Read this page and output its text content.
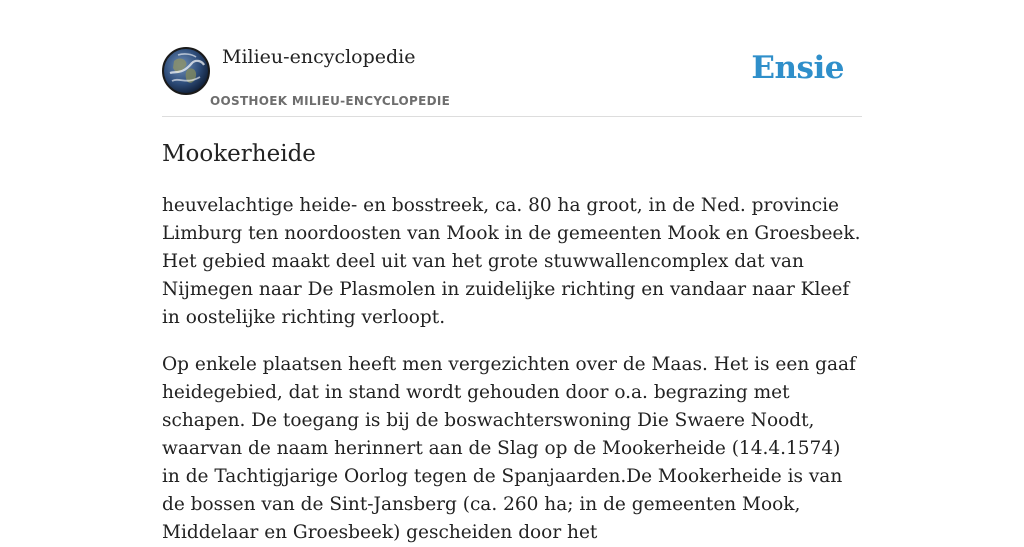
Milieu-encyclopedie
OOSTHOEK MILIEU-ENCYCLOPEDIE
Ensie
Mookerheide

heuvelachtige heide- en bosstreek, ca. 80 ha groot, in de Ned. provincie Limburg ten noordoosten van Mook in de gemeenten Mook en Groesbeek. Het gebied maakt deel uit van het grote stuwwallencomplex dat van Nijmegen naar De Plasmolen in zuidelijke richting en vandaar naar Kleef in oostelijke richting verloopt.

Op enkele plaatsen heeft men vergezichten over de Maas. Het is een gaaf heidegebied, dat in stand wordt gehouden door o.a. begrazing met schapen. De toegang is bij de boswachterswoning Die Swaere Noodt, waarvan de naam herinnert aan de Slag op de Mookerheide (14.4.1574) in de Tachtigjarige Oorlog tegen de Spanjaarden.De Mookerheide is van de bossen van de Sint-Jansberg (ca. 260 ha; in de gemeenten Mook, Middelaar en Groesbeek) gescheiden door het
